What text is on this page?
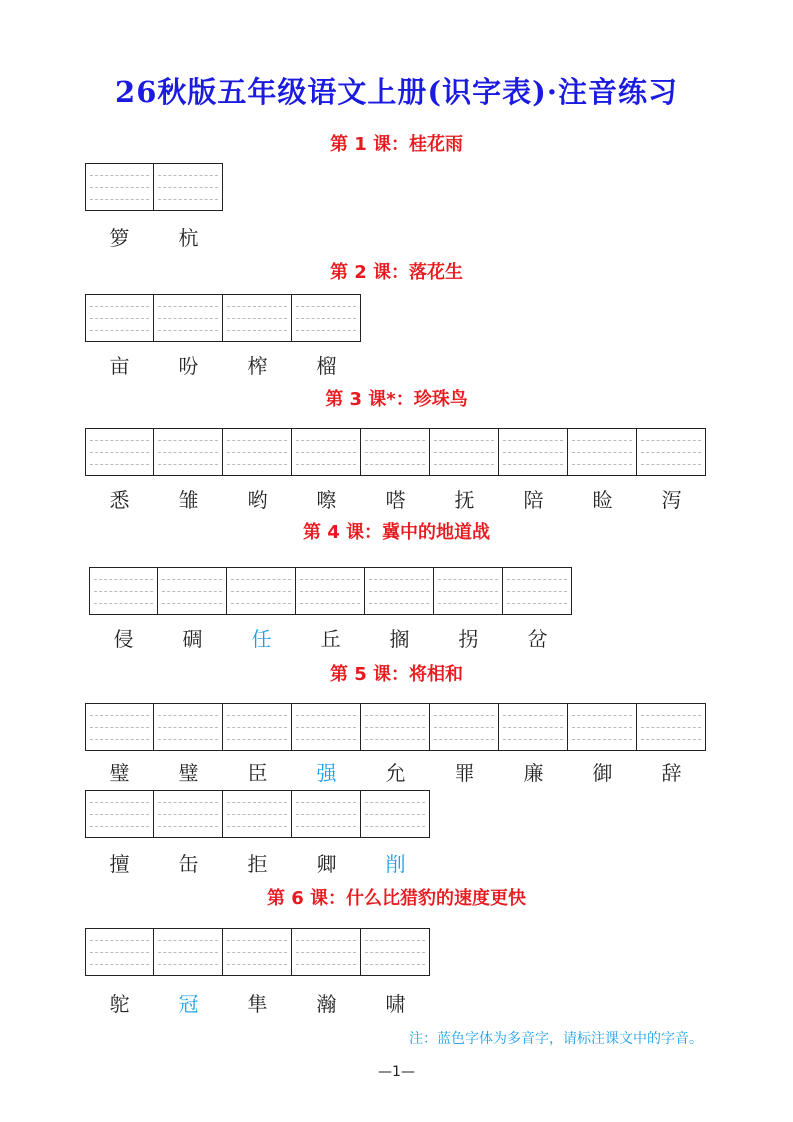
26秋版五年级语文上册(识字表)·注音练习
第 1 课：桂花雨
箩	杭
第 2 课：落花生
亩	吩	榨	榴
第 3 课*：珍珠鸟
悉	雏	哟	嚓	嗒	抚	陪	睑	泻
第 4 课：冀中的地道战
侵	碉	任	丘	搁	拐	岔
第 5 课：将相和
璧	璧	臣	强	允	罪	廉	御	辞
擅	缶	拒	卿	削
第 6 课：什么比猎豹的速度更快
鸵	冠	隼	瀚	啸
注：蓝色字体为多音字，请标注课文中的字音。
—1—
